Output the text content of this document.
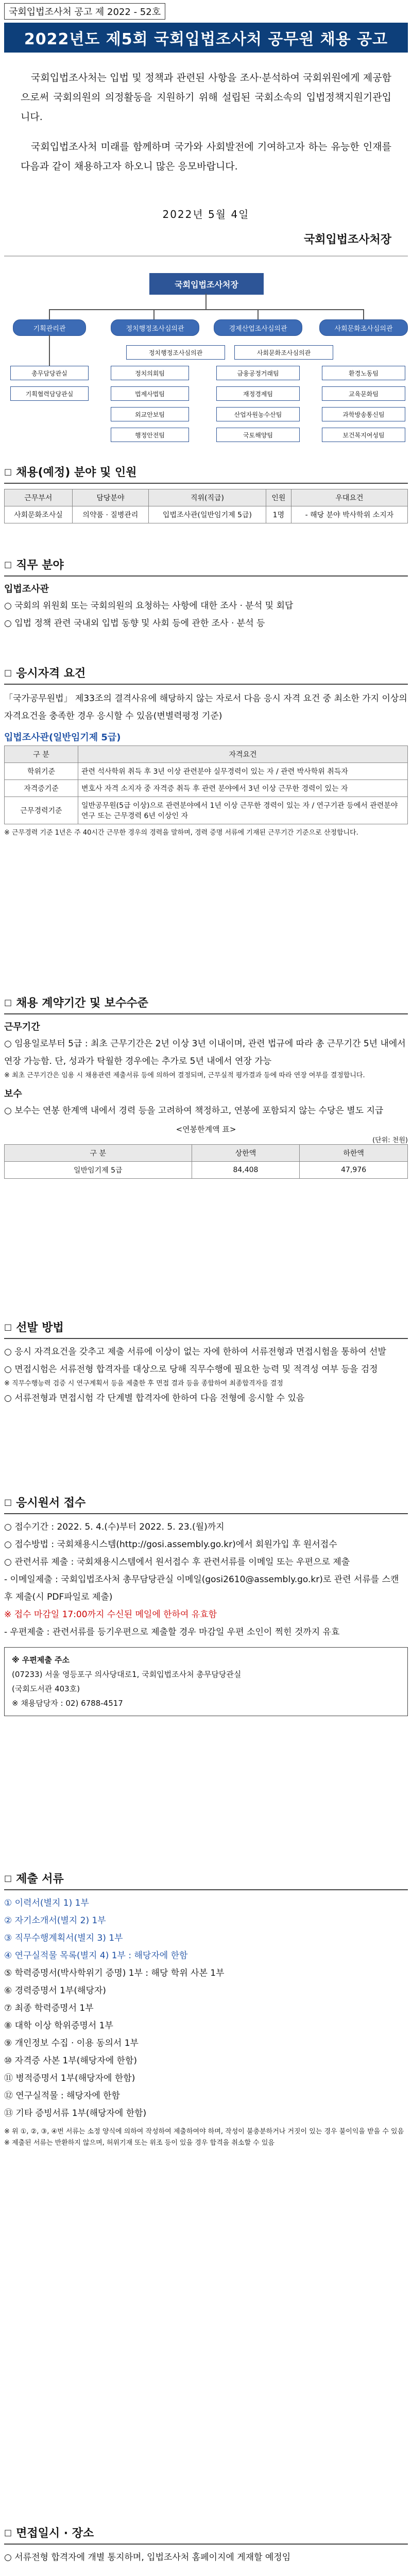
국회입법조사처 공고 제 2022 - 52호
2022년도 제5회 국회입법조사처 공무원 채용 공고
국회입법조사처는 입법 및 정책과 관련된 사항을 조사·분석하여 국회위원에게 제공함으로써 국회의원의 의정활동을 지원하기 위해 설립된 국회소속의 입법정책지원기관입니다.
국회입법조사처 미래를 함께하며 국가와 사회발전에 기여하고자 하는 유능한 인재를 다음과 같이 채용하고자 하오니 많은 응모바랍니다.
2022년 5월 4일
국회입법조사처장
국회입법조사처장
기획관리관	정치행정조사심의관	경제산업조사심의관	사회문화조사심의관
정치행정조사심의관	사회문화조사심의관
총무담당관실
기획협력담당관실
정치의회팀
법제사법팀
외교안보팀
행정안전팀
금융공정거래팀
재정경제팀
산업자원농수산팀
국토해양팀
환경노동팀
교육문화팀
과학방송통신팀
보건복지여성팀
□ 채용(예정) 분야 및 인원
근무부서	담당분야	직위(직급)	인원	우대요건
사회문화조사실	의약품 · 질병관리	입법조사관(일반임기제 5급)	1명	- 해당 분야 박사학위 소지자
□ 직무 분야
입법조사관
○ 국회의 위원회 또는 국회의원의 요청하는 사항에 대한 조사 · 분석 및 회답
○ 입법 정책 관련 국내외 입법 동향 및 사회 등에 관한 조사 · 분석 등
□ 응시자격 요건
「국가공무원법」 제33조의 결격사유에 해당하지 않는 자로서 다음 응시 자격 요건 중 최소한 가지 이상의 자격요건을 충족한 경우 응시할 수 있음(변별력평정 기준)
입법조사관(일반임기제 5급)
구 분	자격요건
학위기준	관련 석사학위 취득 후 3년 이상 관련분야 실무경력이 있는 자 / 관련 박사학위 취득자
자격증기준	변호사 자격 소지자 중 자격증 취득 후 관련 분야에서 3년 이상 근무한 경력이 있는 자
근무경력기준	일반공무원(5급 이상)으로 관련분야에서 1년 이상 근무한 경력이 있는 자 / 연구기관 등에서 관련분야 연구 또는 근무경력 6년 이상인 자
※ 근무경력 기준 1년은 주 40시간 근무한 경우의 경력을 말하며, 경력 증명 서류에 기재된 근무기간 기준으로 산정합니다.
□ 채용 계약기간 및 보수수준
근무기간
○ 임용일로부터 5급 : 최초 근무기간은 2년 이상 3년 이내이며, 관련 법규에 따라 총 근무기간 5년 내에서 연장 가능함. 단, 성과가 탁월한 경우에는 추가로 5년 내에서 연장 가능
※ 최초 근무기간은 임용 시 채용관련 제출서류 등에 의하여 결정되며, 근무실적 평가결과 등에 따라 연장 여부를 결정합니다.
보수
○ 보수는 연봉 한계액 내에서 경력 등을 고려하여 책정하고, 연봉에 포함되지 않는 수당은 별도 지급
<연봉한계액 표>
(단위: 천원)
구 분	상한액	하한액
일반임기제 5급	84,408	47,976
□ 선발 방법
○ 응시 자격요건을 갖추고 제출 서류에 이상이 없는 자에 한하여 서류전형과 면접시험을 통하여 선발
○ 면접시험은 서류전형 합격자를 대상으로 당해 직무수행에 필요한 능력 및 적격성 여부 등을 검정
※ 직무수행능력 검증 시 연구계획서 등을 제출한 후 면접 결과 등을 종합하여 최종합격자를 결정
○ 서류전형과 면접시험 각 단계별 합격자에 한하여 다음 전형에 응시할 수 있음
□ 응시원서 접수
○ 접수기간 : 2022. 5. 4.(수)부터 2022. 5. 23.(월)까지
○ 접수방법 : 국회채용시스템(http://gosi.assembly.go.kr)에서 회원가입 후 원서접수
○ 관련서류 제출 : 국회채용시스템에서 원서접수 후 관련서류를 이메일 또는 우편으로 제출
- 이메일제출 : 국회입법조사처 총무담당관실 이메일(gosi2610@assembly.go.kr)로 관련 서류를 스캔 후 제출(시 PDF파일로 제출)
※ 접수 마감일 17:00까지 수신된 메일에 한하여 유효함
- 우편제출 : 관련서류를 등기우편으로 제출할 경우 마감일 우편 소인이 찍힌 것까지 유효
※ 우편제출 주소
(07233) 서울 영등포구 의사당대로1, 국회입법조사처 총무담당관실
(국회도서관 403호)
※ 채용담당자 : 02) 6788-4517
□ 제출 서류
① 이력서(별지 1) 1부
② 자기소개서(별지 2) 1부
③ 직무수행계획서(별지 3) 1부
④ 연구실적물 목록(별지 4) 1부 : 해당자에 한함
⑤ 학력증명서(박사학위기 증명) 1부 : 해당 학위 사본 1부
⑥ 경력증명서 1부(해당자)
⑦ 최종 학력증명서 1부
⑧ 대학 이상 학위증명서 1부
⑨ 개인정보 수집 · 이용 동의서 1부
⑩ 자격증 사본 1부(해당자에 한함)
⑪ 병적증명서 1부(해당자에 한함)
⑫ 연구실적물 : 해당자에 한함
⑬ 기타 증빙서류 1부(해당자에 한함)
※ 위 ①, ②, ③, ④번 서류는 소정 양식에 의하여 작성하여 제출하여야 하며, 작성이 불충분하거나 거짓이 있는 경우 불이익을 받을 수 있음
※ 제출된 서류는 반환하지 않으며, 허위기재 또는 위조 등이 있을 경우 합격을 취소할 수 있음
□ 면접일시 · 장소
○ 서류전형 합격자에 개별 통지하며, 입법조사처 홈페이지에 게재할 예정임
